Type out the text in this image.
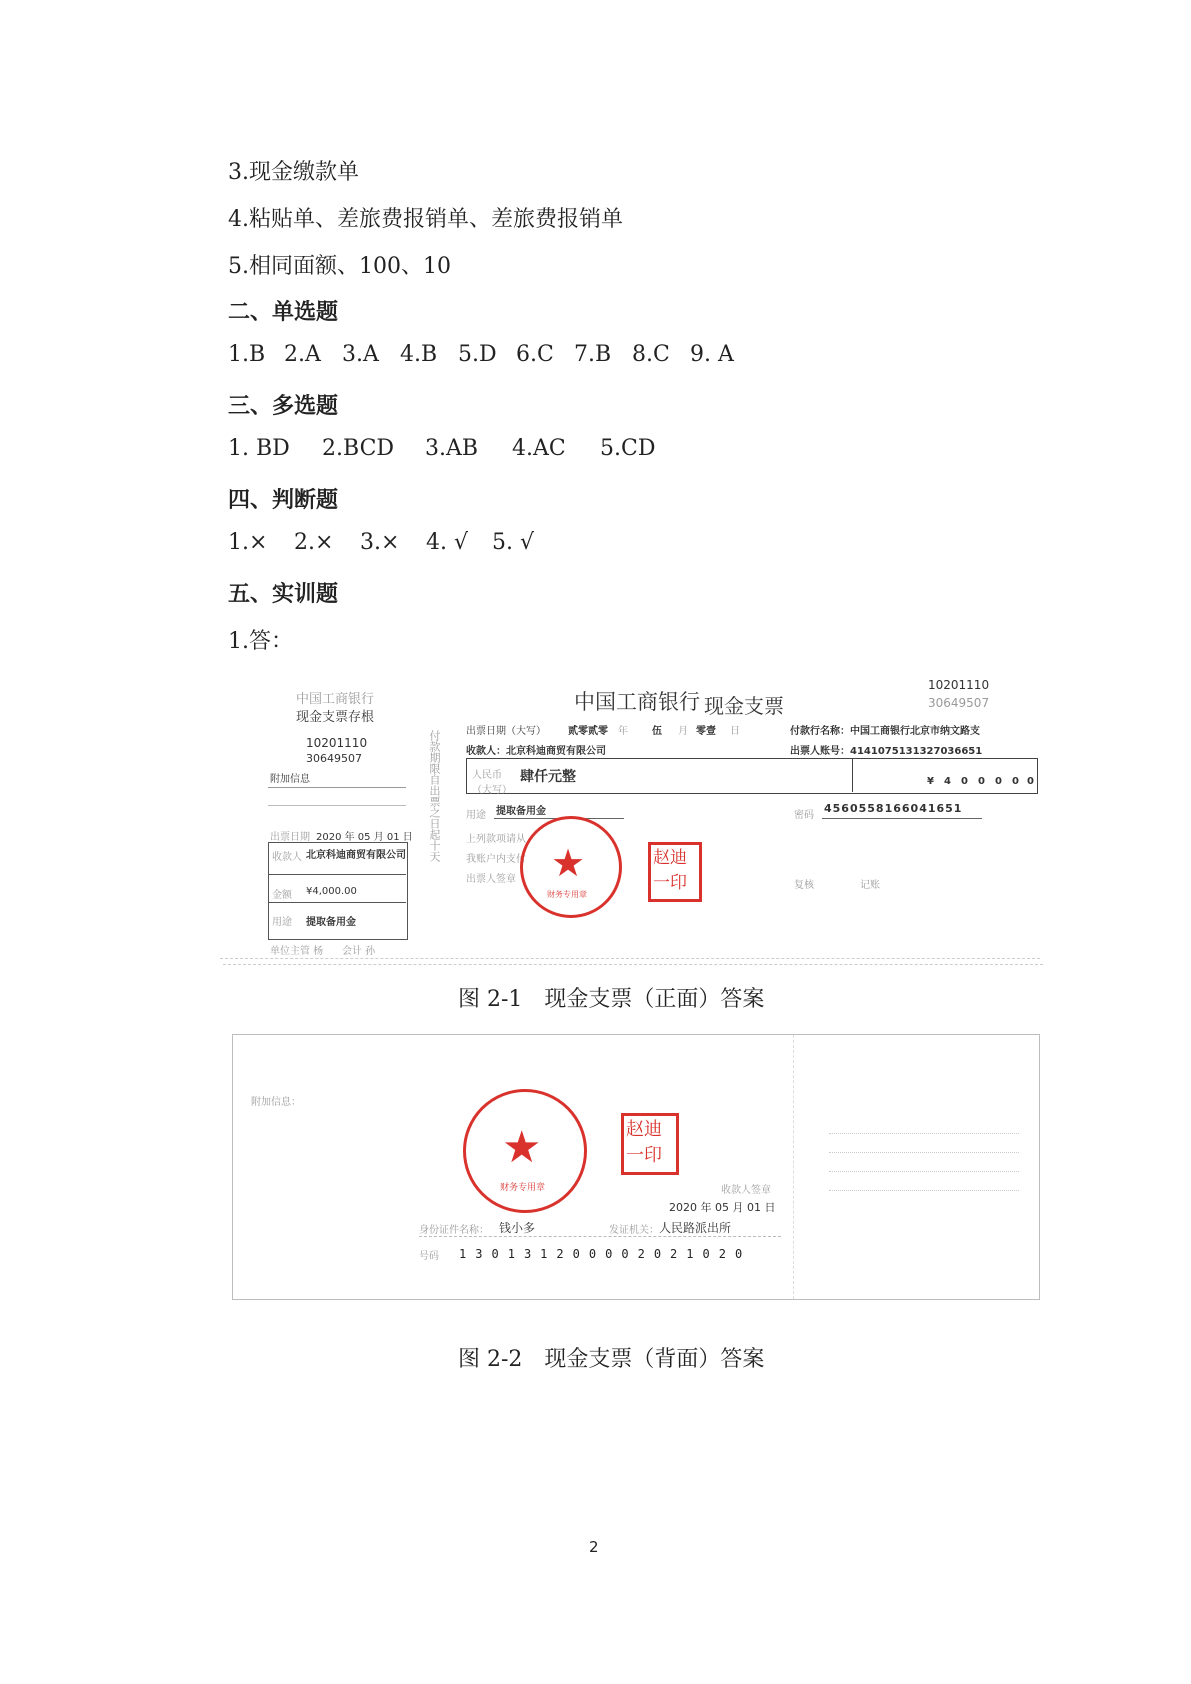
3.现金缴款单
4.粘贴单、差旅费报销单、差旅费报销单
5.相同面额、100、10
二、单选题
1.B 2.A 3.A 4.B 5.D 6.C 7.B 8.C 9. A
三、多选题
1. BD 2.BCD 3.AB 4.AC 5.CD
四、判断题
1.× 2.× 3.× 4. √ 5. √
五、实训题
1.答：
中国工商银行
现金支票存根
10201110
30649507
附加信息
出票日期 2020 年 05 月 01 日
收款人 北京科迪商贸有限公司
金额 ¥4,000.00
用途 提取备用金
单位主管 杨 会计 孙
付款期限自出票之日起十天
中国工商银行 现金支票
10201110
30649507
出票日期（大写） 贰零贰零 年 伍 月 零壹 日	付款行名称：中国工商银行北京市纳文路支
收款人：北京科迪商贸有限公司	出票人账号：41410751313270366​51
人民币（大写）
肆仟元整	¥ 4 0 0 0 0 0
用途 提取备用金	密码
4560558166041651
上列款项请从
我账户内支付
出票人签章
复核	记账
★
财务专用章
赵迪一印
图 2-1　现金支票（正面）答案
附加信息：
★
财务专用章
赵迪一印
收款人签章
2020 年 05 月 01 日
身份证件名称： 钱小多	发证机关： 人民路派出所
号码 130131200002021020
图 2-2　现金支票（背面）答案
2
